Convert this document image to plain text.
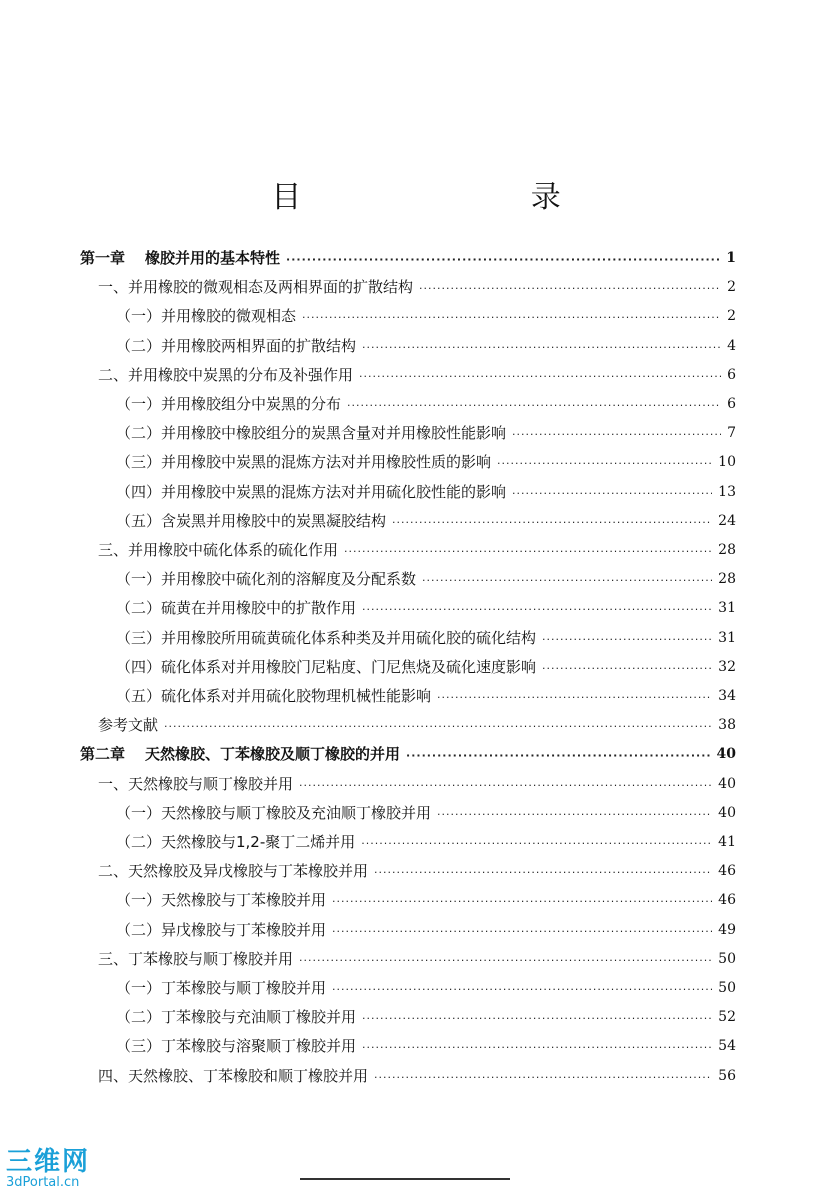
目 录
第一章 橡胶并用的基本特性 ·····	1
一、并用橡胶的微观相态及两相界面的扩散结构 ·····	2
（一）并用橡胶的微观相态 ·····	2
（二）并用橡胶两相界面的扩散结构 ·····	4
二、并用橡胶中炭黑的分布及补强作用 ·····	6
（一）并用橡胶组分中炭黑的分布 ·····	6
（二）并用橡胶中橡胶组分的炭黑含量对并用橡胶性能影响 ·····	7
（三）并用橡胶中炭黑的混炼方法对并用橡胶性质的影响 ·····	10
（四）并用橡胶中炭黑的混炼方法对并用硫化胶性能的影响 ·····	13
（五）含炭黑并用橡胶中的炭黑凝胶结构 ·····	24
三、并用橡胶中硫化体系的硫化作用 ·····	28
（一）并用橡胶中硫化剂的溶解度及分配系数 ·····	28
（二）硫黄在并用橡胶中的扩散作用 ·····	31
（三）并用橡胶所用硫黄硫化体系种类及并用硫化胶的硫化结构 ·····	31
（四）硫化体系对并用橡胶门尼粘度、门尼焦烧及硫化速度影响 ·····	32
（五）硫化体系对并用硫化胶物理机械性能影响 ·····	34
参考文献 ·····	38
第二章 天然橡胶、丁苯橡胶及顺丁橡胶的并用 ·····	40
一、天然橡胶与顺丁橡胶并用 ·····	40
（一）天然橡胶与顺丁橡胶及充油顺丁橡胶并用 ·····	40
（二）天然橡胶与1,2-聚丁二烯并用 ·····	41
二、天然橡胶及异戊橡胶与丁苯橡胶并用 ·····	46
（一）天然橡胶与丁苯橡胶并用 ·····	46
（二）异戊橡胶与丁苯橡胶并用 ·····	49
三、丁苯橡胶与顺丁橡胶并用 ·····	50
（一）丁苯橡胶与顺丁橡胶并用 ·····	50
（二）丁苯橡胶与充油顺丁橡胶并用 ·····	52
（三）丁苯橡胶与溶聚顺丁橡胶并用 ·····	54
四、天然橡胶、丁苯橡胶和顺丁橡胶并用 ·····	56
三维网
3dPortal.cn
